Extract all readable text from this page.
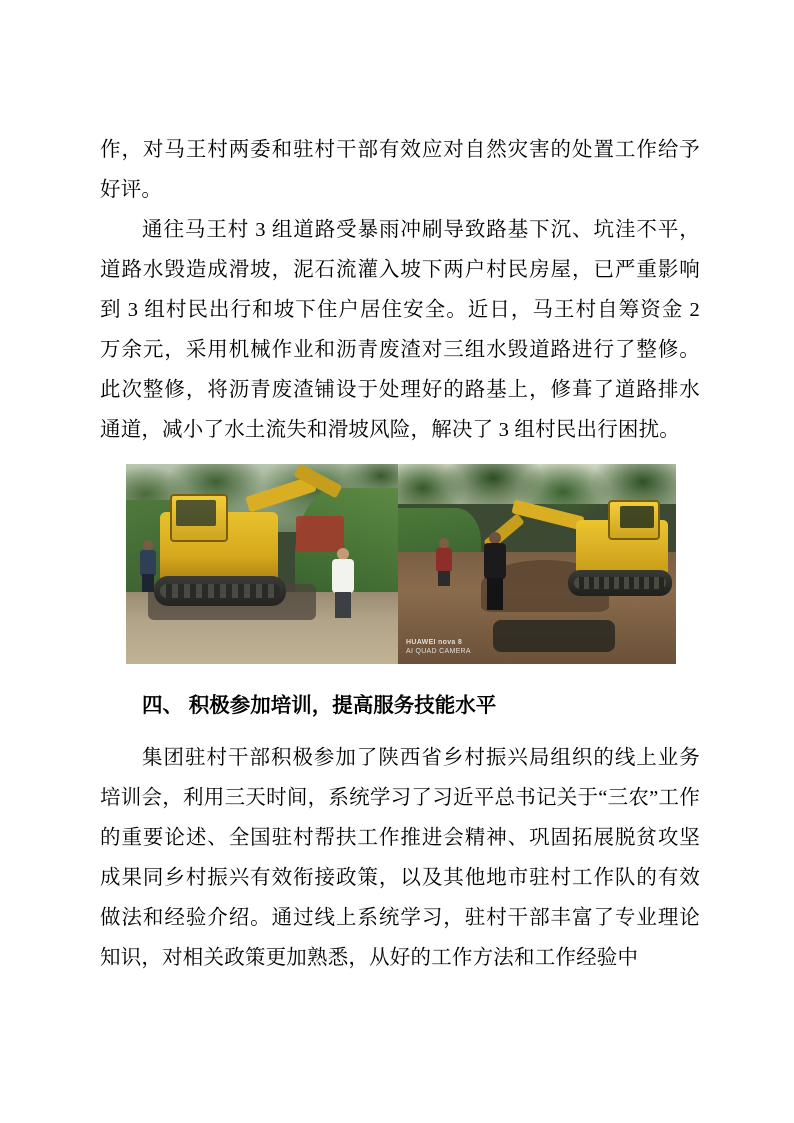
作，对马王村两委和驻村干部有效应对自然灾害的处置工作给予好评。

通往马王村 3 组道路受暴雨冲刷导致路基下沉、坑洼不平，道路水毁造成滑坡，泥石流灌入坡下两户村民房屋，已严重影响到 3 组村民出行和坡下住户居住安全。近日，马王村自筹资金 2 万余元，采用机械作业和沥青废渣对三组水毁道路进行了整修。此次整修，将沥青废渣铺设于处理好的路基上，修葺了道路排水通道，减小了水土流失和滑坡风险，解决了 3 组村民出行困扰。

HUAWEI nova 8
AI QUAD CAMERA
四、 积极参加培训，提高服务技能水平

集团驻村干部积极参加了陕西省乡村振兴局组织的线上业务培训会，利用三天时间，系统学习了习近平总书记关于“三农”工作的重要论述、全国驻村帮扶工作推进会精神、巩固拓展脱贫攻坚成果同乡村振兴有效衔接政策，以及其他地市驻村工作队的有效做法和经验介绍。通过线上系统学习，驻村干部丰富了专业理论知识，对相关政策更加熟悉，从好的工作方法和工作经验中
